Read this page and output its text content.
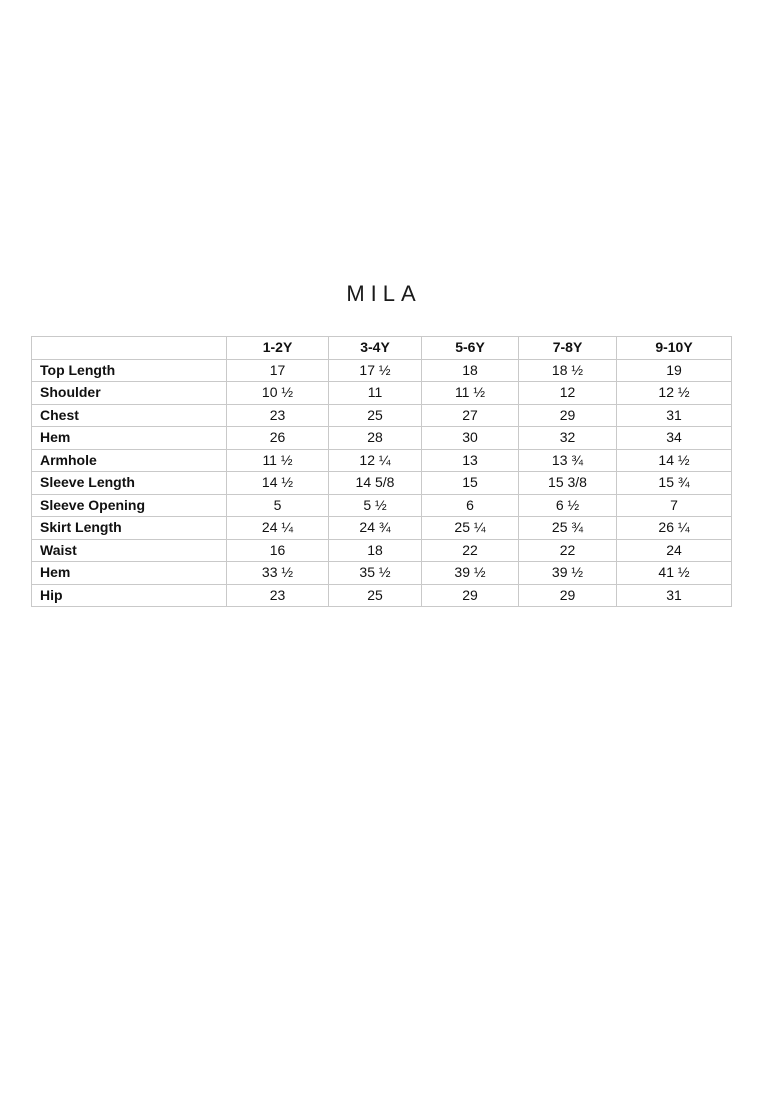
MILA
	1-2Y	3-4Y	5-6Y	7-8Y	9-10Y
Top Length	17	17 ½	18	18 ½	19
Shoulder	10 ½	11	11 ½	12	12 ½
Chest	23	25	27	29	31
Hem	26	28	30	32	34
Armhole	11 ½	12 ¼	13	13 ¾	14 ½
Sleeve Length	14 ½	14 5/8	15	15 3/8	15 ¾
Sleeve Opening	5	5 ½	6	6 ½	7
Skirt Length	24 ¼	24 ¾	25 ¼	25 ¾	26 ¼
Waist	16	18	22	22	24
Hem	33 ½	35 ½	39 ½	39 ½	41 ½
Hip	23	25	29	29	31
